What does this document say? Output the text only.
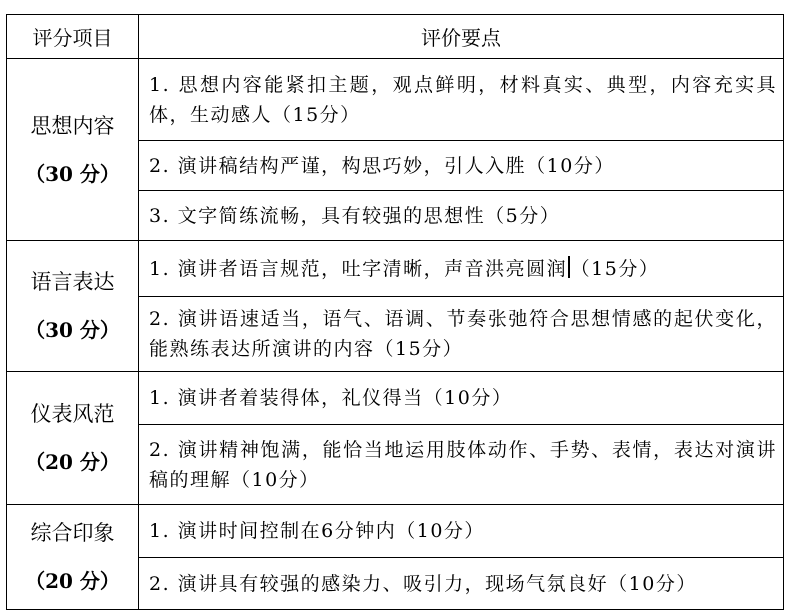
评分项目	评价要点

思想内容
（30 分）	1. 思想内容能紧扣主题，观点鲜明，材料真实、典型，内容充实具体，生动感人（15分）
	2. 演讲稿结构严谨，构思巧妙，引人入胜（10分）
	3. 文字简练流畅，具有较强的思想性（5分）

语言表达
（30 分）	1. 演讲者语言规范，吐字清晰，声音洪亮圆润 （15分）
	2. 演讲语速适当，语气、语调、节奏张弛符合思想情感的起伏变化，能熟练表达所演讲的内容（15分）

仪表风范
（20 分）	1. 演讲者着装得体，礼仪得当（10分）
	2. 演讲精神饱满，能恰当地运用肢体动作、手势、表情，表达对演讲稿的理解（10分）

综合印象
（20 分）	1. 演讲时间控制在6分钟内（10分）
	2. 演讲具有较强的感染力、吸引力，现场气氛良好（10分）
